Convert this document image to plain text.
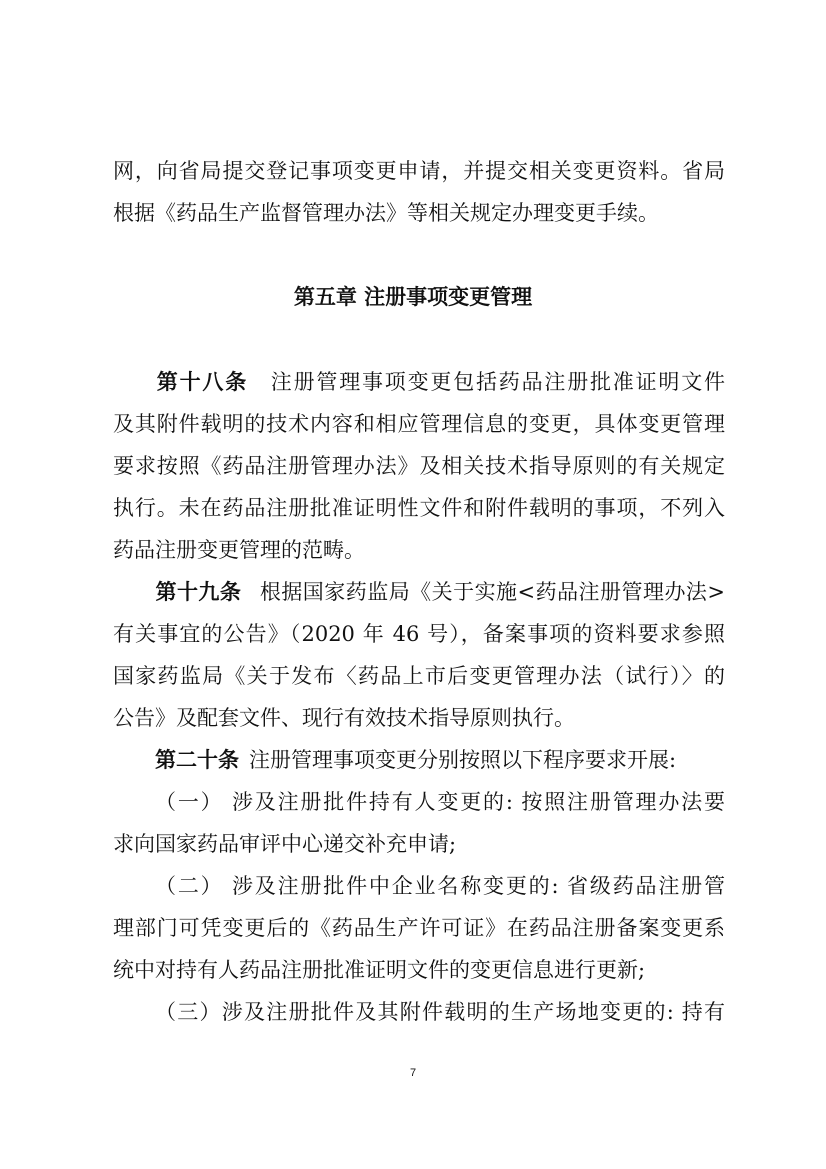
网，向省局提交登记事项变更申请，并提交相关变更资料。省局
根据《药品生产监督管理办法》等相关规定办理变更手续。
第五章 注册事项变更管理
第十八条 注册管理事项变更包括药品注册批准证明文件
及其附件载明的技术内容和相应管理信息的变更，具体变更管理
要求按照《药品注册管理办法》及相关技术指导原则的有关规定
执行。未在药品注册批准证明性文件和附件载明的事项，不列入
药品注册变更管理的范畴。
第十九条 根据国家药监局《关于实施<药品注册管理办法>
有关事宜的公告》（2020 年 46 号），备案事项的资料要求参照
国家药监局《关于发布〈药品上市后变更管理办法（试行）〉的
公告》及配套文件、现行有效技术指导原则执行。
第二十条 注册管理事项变更分别按照以下程序要求开展:
（一） 涉及注册批件持有人变更的: 按照注册管理办法要
求向国家药品审评中心递交补充申请;
（二） 涉及注册批件中企业名称变更的: 省级药品注册管
理部门可凭变更后的《药品生产许可证》在药品注册备案变更系
统中对持有人药品注册批准证明文件的变更信息进行更新;
（三）涉及注册批件及其附件载明的生产场地变更的: 持有
7
